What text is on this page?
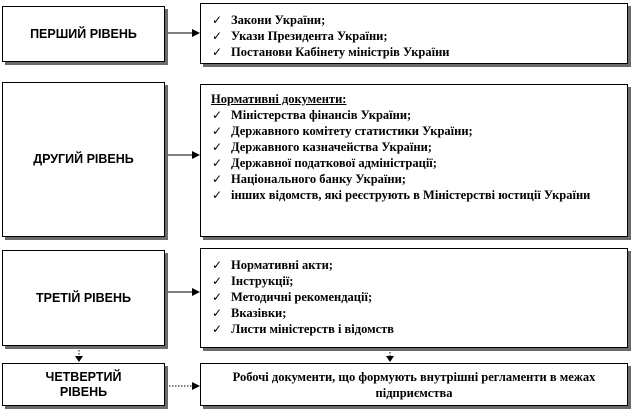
ПЕРШИЙ РІВЕНЬ
✓ Закони України;
✓ Укази Президента України;
✓ Постанови Кабінету міністрів України
ДРУГИЙ РІВЕНЬ
Нормативні документи:
✓ Міністерства фінансів України;
✓ Державного комітету статистики України;
✓ Державного казначейства України;
✓ Державної податкової адміністрації;
✓ Національного банку України;
✓ інших відомств, які реєструють в Міністерстві юстиції України
ТРЕТІЙ РІВЕНЬ
✓ Нормативні акти;
✓ Інструкції;
✓ Методичні рекомендації;
✓ Вказівки;
✓ Листи міністерств і відомств
ЧЕТВЕРТИЙ РІВЕНЬ
Робочі документи, що формують внутрішні регламенти в межах підприємства
